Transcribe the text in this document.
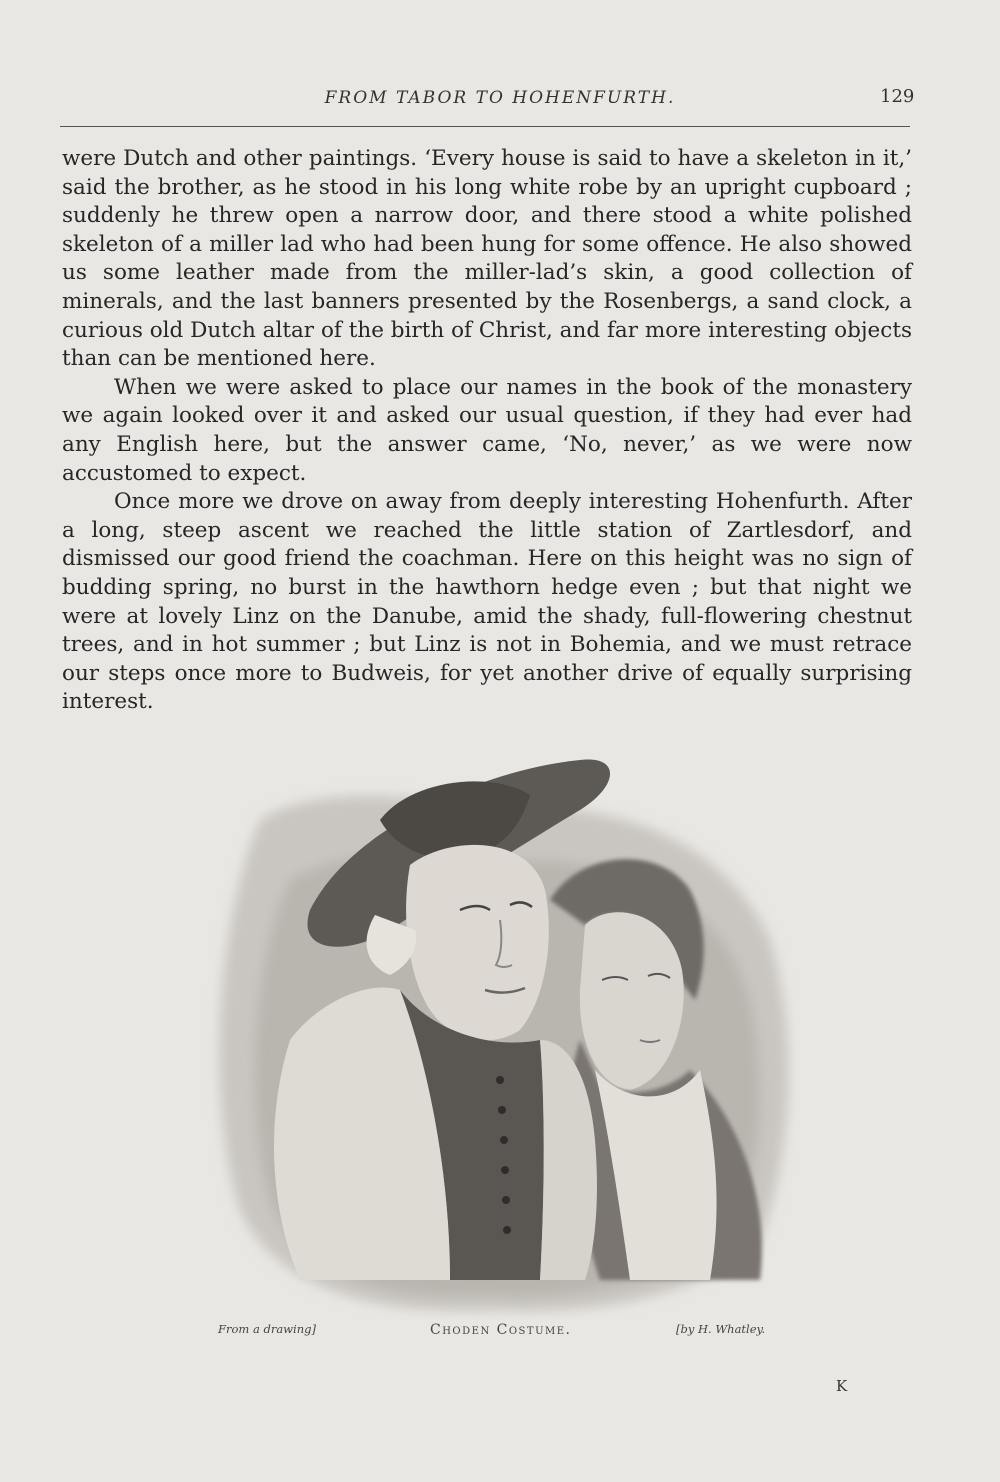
FROM TABOR TO HOHENFURTH.	129

were Dutch and other paintings. ‘Every house is said to have a skeleton in it,’ said the brother, as he stood in his long white robe by an upright cupboard ; suddenly he threw open a narrow door, and there stood a white polished skeleton of a miller lad who had been hung for some offence. He also showed us some leather made from the miller-lad’s skin, a good collection of minerals, and the last banners presented by the Rosenbergs, a sand clock, a curious old Dutch altar of the birth of Christ, and far more interesting objects than can be mentioned here.

When we were asked to place our names in the book of the monastery we again looked over it and asked our usual question, if they had ever had any English here, but the answer came, ‘No, never,’ as we were now accustomed to expect.

Once more we drove on away from deeply interesting Hohenfurth. After a long, steep ascent we reached the little station of Zartlesdorf, and dismissed our good friend the coachman. Here on this height was no sign of budding spring, no burst in the hawthorn hedge even ; but that night we were at lovely Linz on the Danube, amid the shady, full-flowering chestnut trees, and in hot summer ; but Linz is not in Bohemia, and we must retrace our steps once more to Budweis, for yet another drive of equally surprising interest.

From a drawing]	Choden Costume.	[by H. Whatley.
K
